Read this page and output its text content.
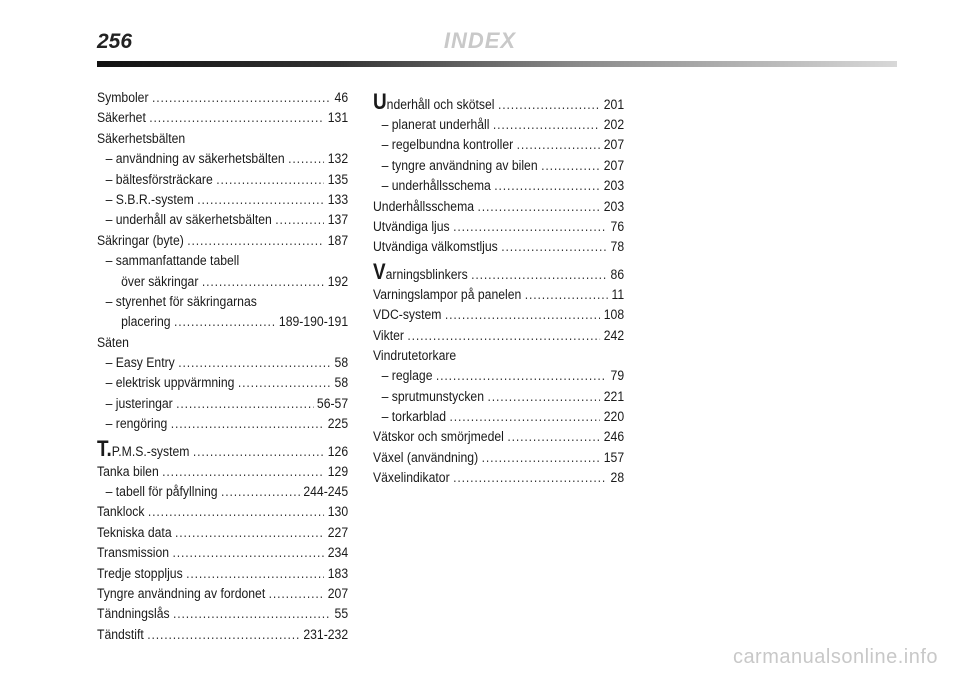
256	INDEX
Symboler .....	46
Säkerhet .....	131
Säkerhetsbälten
– användning av säkerhetsbälten .....	132
– bältesförsträckare .....	135
– S.B.R.-system .....	133
– underhåll av säkerhetsbälten .....	137
Säkringar (byte) .....	187
– sammanfattande tabell
över säkringar .....	192
– styrenhet för säkringarnas
placering .....	189-190-191
Säten
– Easy Entry .....	58
– elektrisk uppvärmning .....	58
– justeringar .....	56-57
– rengöring .....	225
T.P.M.S.-system .....	126
Tanka bilen .....	129
– tabell för påfyllning .....	244-245
Tanklock .....	130
Tekniska data .....	227
Transmission .....	234
Tredje stoppljus .....	183
Tyngre användning av fordonet .....	207
Tändningslås .....	55
Tändstift .....	231-232
Underhåll och skötsel .....	201
– planerat underhåll .....	202
– regelbundna kontroller .....	207
– tyngre användning av bilen .....	207
– underhållsschema .....	203
Underhållsschema .....	203
Utvändiga ljus .....	76
Utvändiga välkomstljus .....	78
Varningsblinkers .....	86
Varningslampor på panelen .....	11
VDC-system .....	108
Vikter .....	242
Vindrutetorkare
– reglage .....	79
– sprutmunstycken .....	221
– torkarblad .....	220
Vätskor och smörjmedel .....	246
Växel (användning) .....	157
Växelindikator .....	28
carmanualsonline.info
